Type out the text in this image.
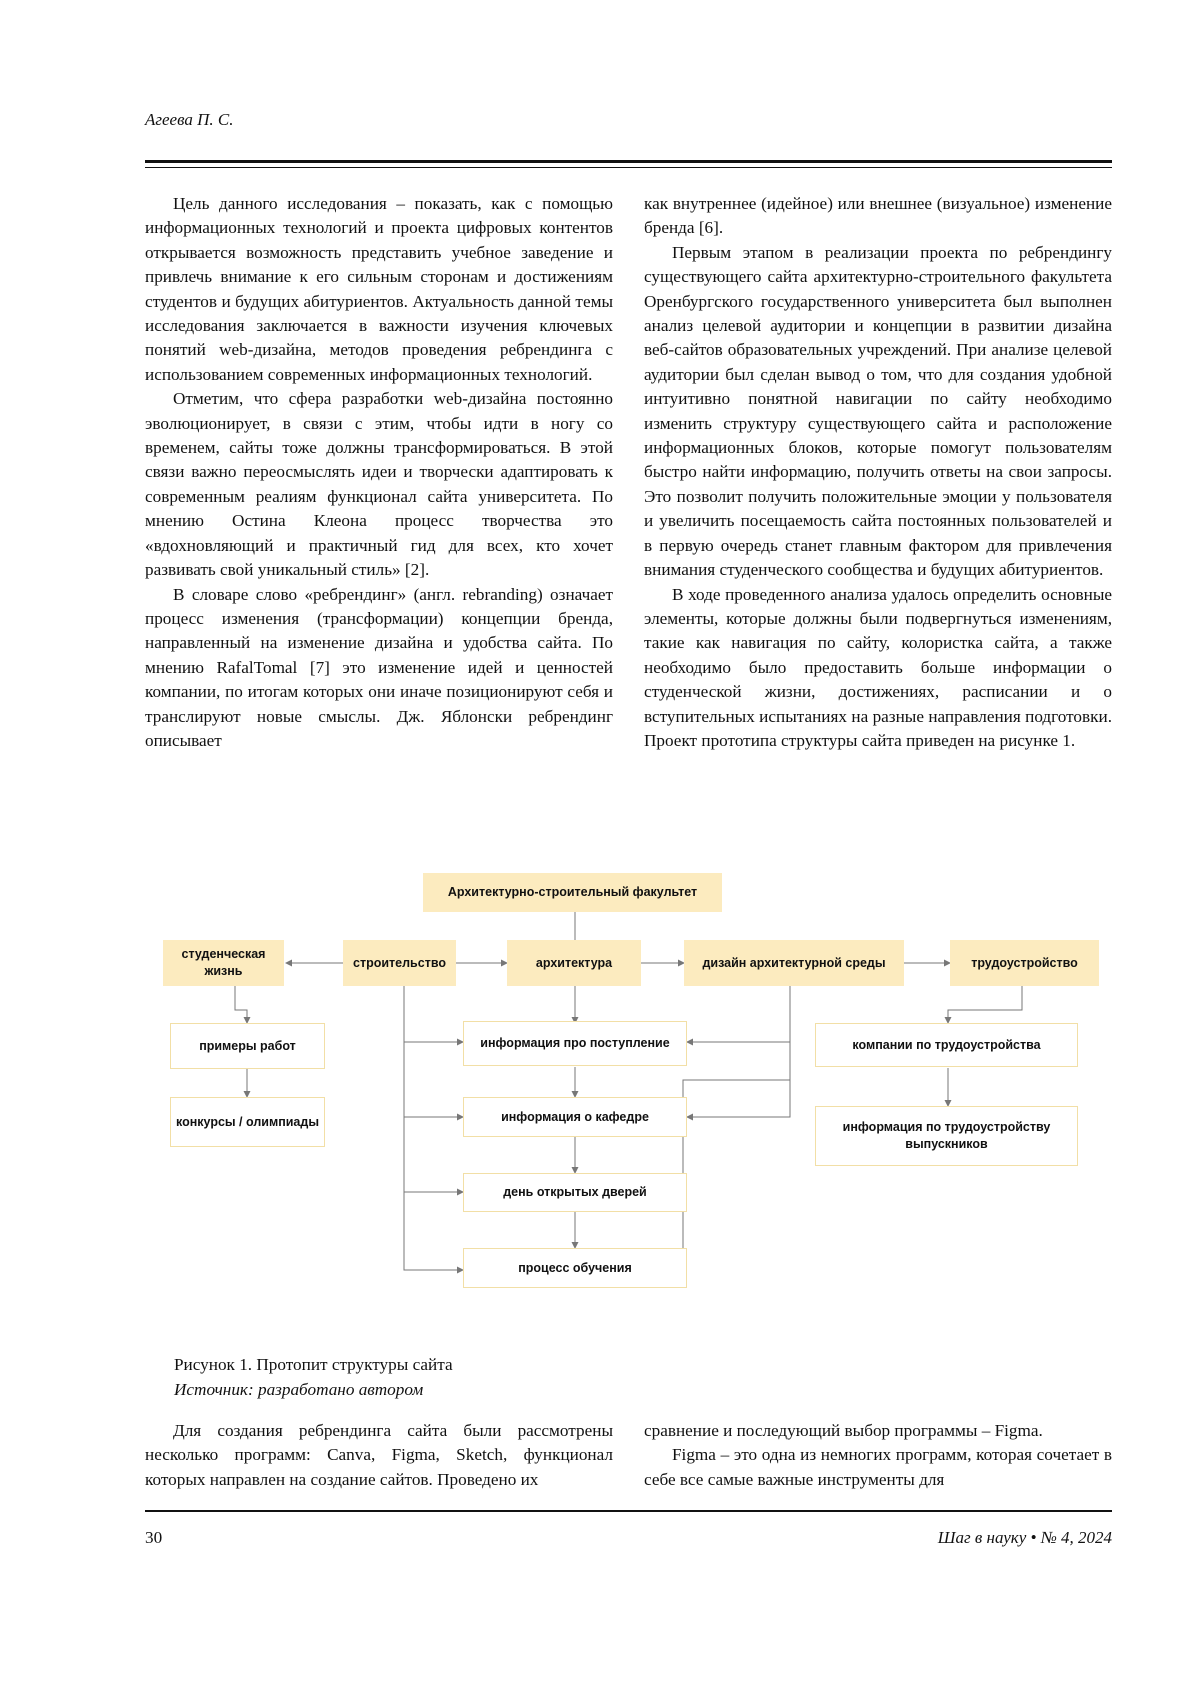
Агеева П. С.

Цель данного исследования – показать, как с помощью информационных технологий и проекта цифровых контентов открывается возможность представить учебное заведение и привлечь внимание к его сильным сторонам и достижениям студентов и будущих абитуриентов. Актуальность данной темы исследования заключается в важности изучения ключевых понятий web-дизайна, методов проведения ребрендинга с использованием современных информационных технологий.

Отметим, что сфера разработки web-дизайна постоянно эволюционирует, в связи с этим, чтобы идти в ногу со временем, сайты тоже должны трансформироваться. В этой связи важно переосмыслять идеи и творчески адаптировать к современным реалиям функционал сайта университета. По мнению Остина Клеона процесс творчества это «вдохновляющий и практичный гид для всех, кто хочет развивать свой уникальный стиль» [2].

В словаре слово «ребрендинг» (англ. rebranding) означает процесс изменения (трансформации) концепции бренда, направленный на изменение дизайна и удобства сайта. По мнению RafalTomal [7] это изменение идей и ценностей компании, по итогам которых они иначе позиционируют себя и транслируют новые смыслы. Дж. Яблонски ребрендинг описывает

как внутреннее (идейное) или внешнее (визуальное) изменение бренда [6].

Первым этапом в реализации проекта по ребрендингу существующего сайта архитектурно-строительного факультета Оренбургского государственного университета был выполнен анализ целевой аудитории и концепции в развитии дизайна веб-сайтов образовательных учреждений. При анализе целевой аудитории был сделан вывод о том, что для создания удобной интуитивно понятной навигации по сайту необходимо изменить структуру существующего сайта и расположение информационных блоков, которые помогут пользователям быстро найти информацию, получить ответы на свои запросы. Это позволит получить положительные эмоции у пользователя и увеличить посещаемость сайта постоянных пользователей и в первую очередь станет главным фактором для привлечения внимания студенческого сообщества и будущих абитуриентов.

В ходе проведенного анализа удалось определить основные элементы, которые должны были подвергнуться изменениям, такие как навигация по сайту, колористка сайта, а также необходимо было предоставить больше информации о студенческой жизни, достижениях, расписании и о вступительных испытаниях на разные направления подготовки. Проект прототипа структуры сайта приведен на рисунке 1.

Архитектурно-строительный факультет
студенческая жизнь
строительство	архитектура	дизайн архитектурной среды	трудоустройство
примеры работ
конкурсы / олимпиады
информация про поступление
информация о кафедре
день открытых дверей
процесс обучения
компании по трудоустройства
информация по трудоустройству выпускников
Рисунок 1. Протопит структуры сайта
Источник: разработано автором

Для создания ребрендинга сайта были рассмотрены несколько программ: Canva, Figma, Sketch, функционал которых направлен на создание сайтов. Проведено их

сравнение и последующий выбор программы – Figma.

Figma – это одна из немногих программ, которая сочетает в себе все самые важные инструменты для

30	Шаг в науку • № 4, 2024
